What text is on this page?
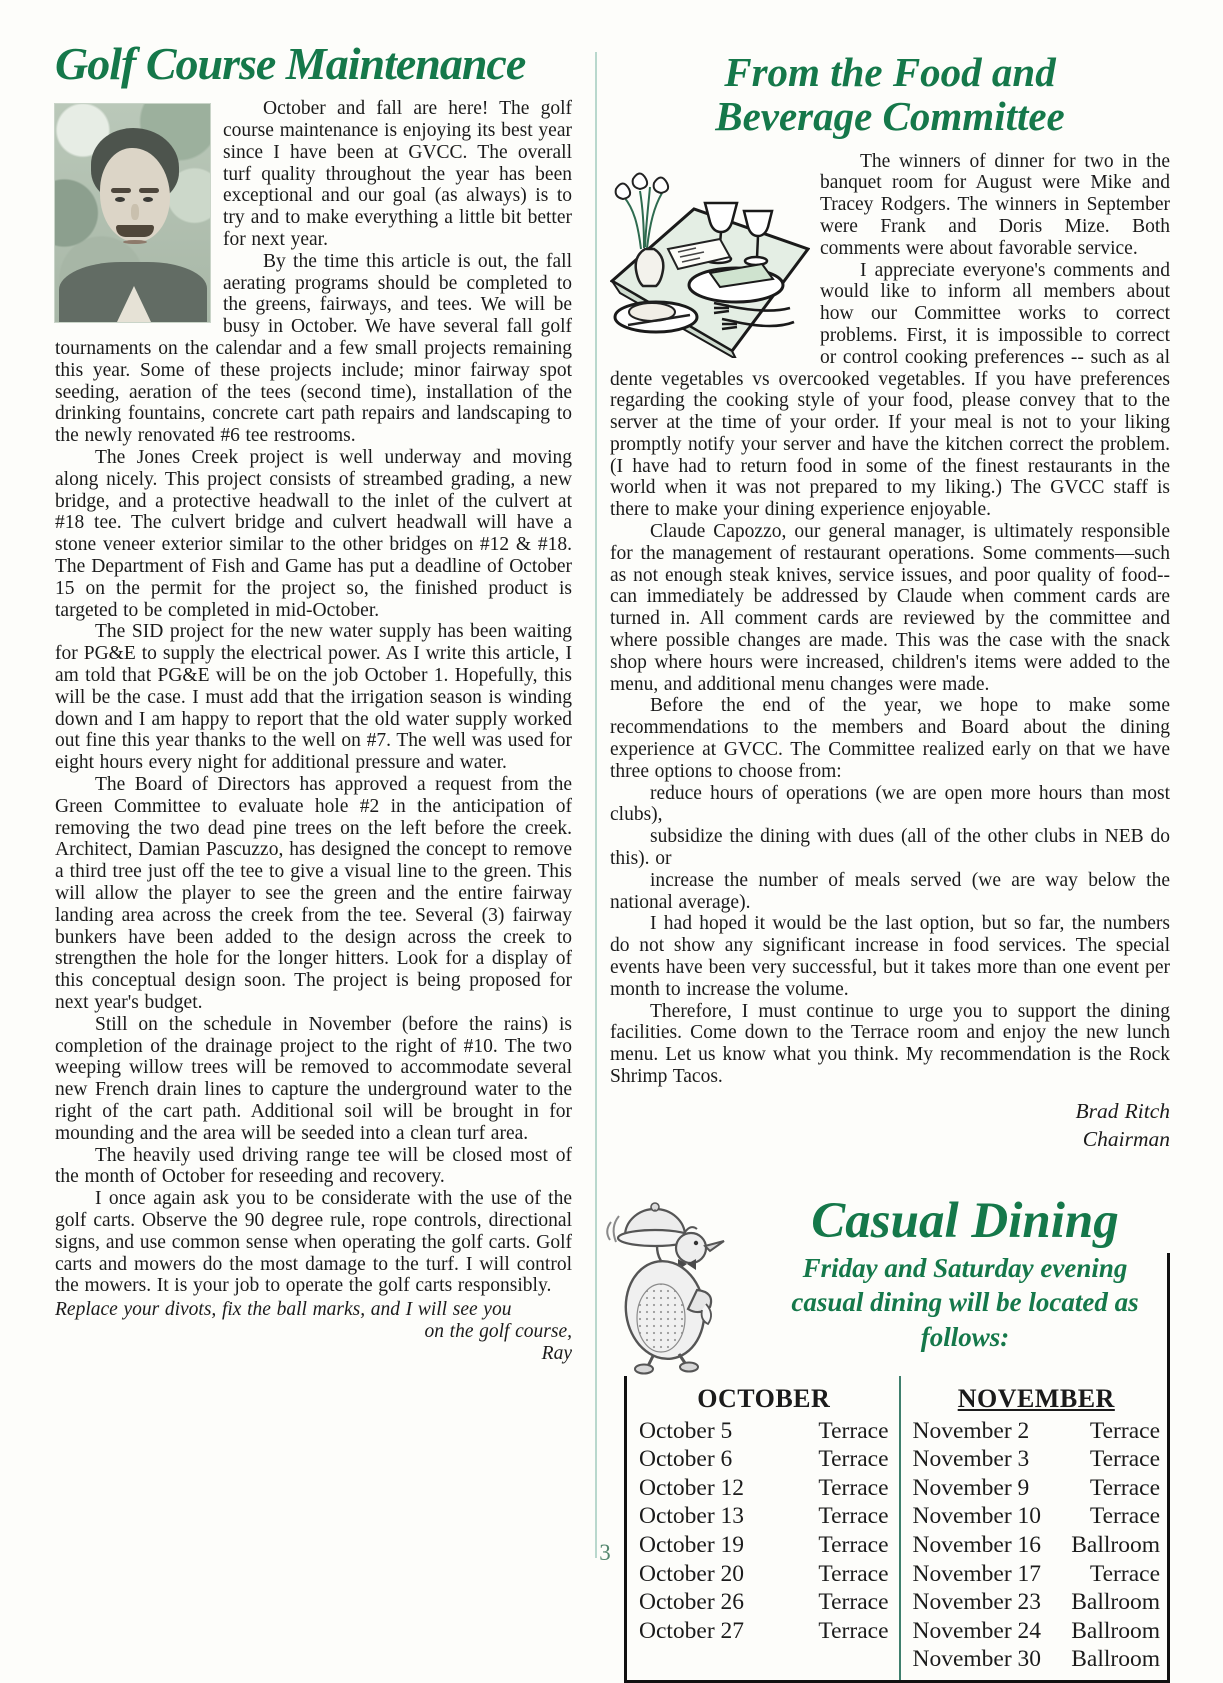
Golf Course Maintenance

October and fall are here! The golf course maintenance is enjoying its best year since I have been at GVCC. The overall turf quality throughout the year has been exceptional and our goal (as always) is to try and to make everything a little bit better for next year.

By the time this article is out, the fall aerating programs should be completed to the greens, fairways, and tees. We will be busy in October. We have several fall golf tournaments on the calendar and a few small projects remaining this year. Some of these projects include; minor fairway spot seeding, aeration of the tees (second time), installation of the drinking fountains, concrete cart path repairs and landscaping to the newly renovated #6 tee restrooms.

The Jones Creek project is well underway and moving along nicely. This project consists of streambed grading, a new bridge, and a protective headwall to the inlet of the culvert at #18 tee. The culvert bridge and culvert headwall will have a stone veneer exterior similar to the other bridges on #12 & #18. The Department of Fish and Game has put a deadline of October 15 on the permit for the project so, the finished product is targeted to be completed in mid-October.

The SID project for the new water supply has been waiting for PG&E to supply the electrical power. As I write this article, I am told that PG&E will be on the job October 1. Hopefully, this will be the case. I must add that the irrigation season is winding down and I am happy to report that the old water supply worked out fine this year thanks to the well on #7. The well was used for eight hours every night for additional pressure and water.

The Board of Directors has approved a request from the Green Committee to evaluate hole #2 in the anticipation of removing the two dead pine trees on the left before the creek. Architect, Damian Pascuzzo, has designed the concept to remove a third tree just off the tee to give a visual line to the green. This will allow the player to see the green and the entire fairway landing area across the creek from the tee. Several (3) fairway bunkers have been added to the design across the creek to strengthen the hole for the longer hitters. Look for a display of this conceptual design soon. The project is being proposed for next year's budget.

Still on the schedule in November (before the rains) is completion of the drainage project to the right of #10. The two weeping willow trees will be removed to accommodate several new French drain lines to capture the underground water to the right of the cart path. Additional soil will be brought in for mounding and the area will be seeded into a clean turf area.

The heavily used driving range tee will be closed most of the month of October for reseeding and recovery.

I once again ask you to be considerate with the use of the golf carts. Observe the 90 degree rule, rope controls, directional signs, and use common sense when operating the golf carts. Golf carts and mowers do the most damage to the turf. I will control the mowers. It is your job to operate the golf carts responsibly.

Replace your divots, fix the ball marks, and I will see you
on the golf course,
Ray
From the Food and
Beverage Committee

The winners of dinner for two in the banquet room for August were Mike and Tracey Rodgers. The winners in September were Frank and Doris Mize. Both comments were about favorable service.

I appreciate everyone's comments and would like to inform all members about how our Committee works to correct problems. First, it is impossible to correct or control cooking preferences -- such as al dente vegetables vs overcooked vegetables. If you have preferences regarding the cooking style of your food, please convey that to the server at the time of your order. If your meal is not to your liking promptly notify your server and have the kitchen correct the problem. (I have had to return food in some of the finest restaurants in the world when it was not prepared to my liking.) The GVCC staff is there to make your dining experience enjoyable.

Claude Capozzo, our general manager, is ultimately responsible for the management of restaurant operations. Some comments—such as not enough steak knives, service issues, and poor quality of food-- can immediately be addressed by Claude when comment cards are turned in. All comment cards are reviewed by the committee and where possible changes are made. This was the case with the snack shop where hours were increased, children's items were added to the menu, and additional menu changes were made.

Before the end of the year, we hope to make some recommendations to the members and Board about the dining experience at GVCC. The Committee realized early on that we have three options to choose from:

reduce hours of operations (we are open more hours than most clubs),

subsidize the dining with dues (all of the other clubs in NEB do this). or

increase the number of meals served (we are way below the national average).

I had hoped it would be the last option, but so far, the numbers do not show any significant increase in food services. The special events have been very successful, but it takes more than one event per month to increase the volume.

Therefore, I must continue to urge you to support the dining facilities. Come down to the Terrace room and enjoy the new lunch menu. Let us know what you think. My recommendation is the Rock Shrimp Tacos.

Brad Ritch
Chairman
Casual Dining
Friday and Saturday evening
casual dining will be located as follows:
OCTOBER
October 5	Terrace
October 6	Terrace
October 12	Terrace
October 13	Terrace
October 19	Terrace
October 20	Terrace
October 26	Terrace
October 27	Terrace
NOVEMBER
November 2	Terrace
November 3	Terrace
November 9	Terrace
November 10 Terrace
November 16 Ballroom
November 17 Terrace
November 23 Ballroom
November 24 Ballroom
November 30 Ballroom
3
